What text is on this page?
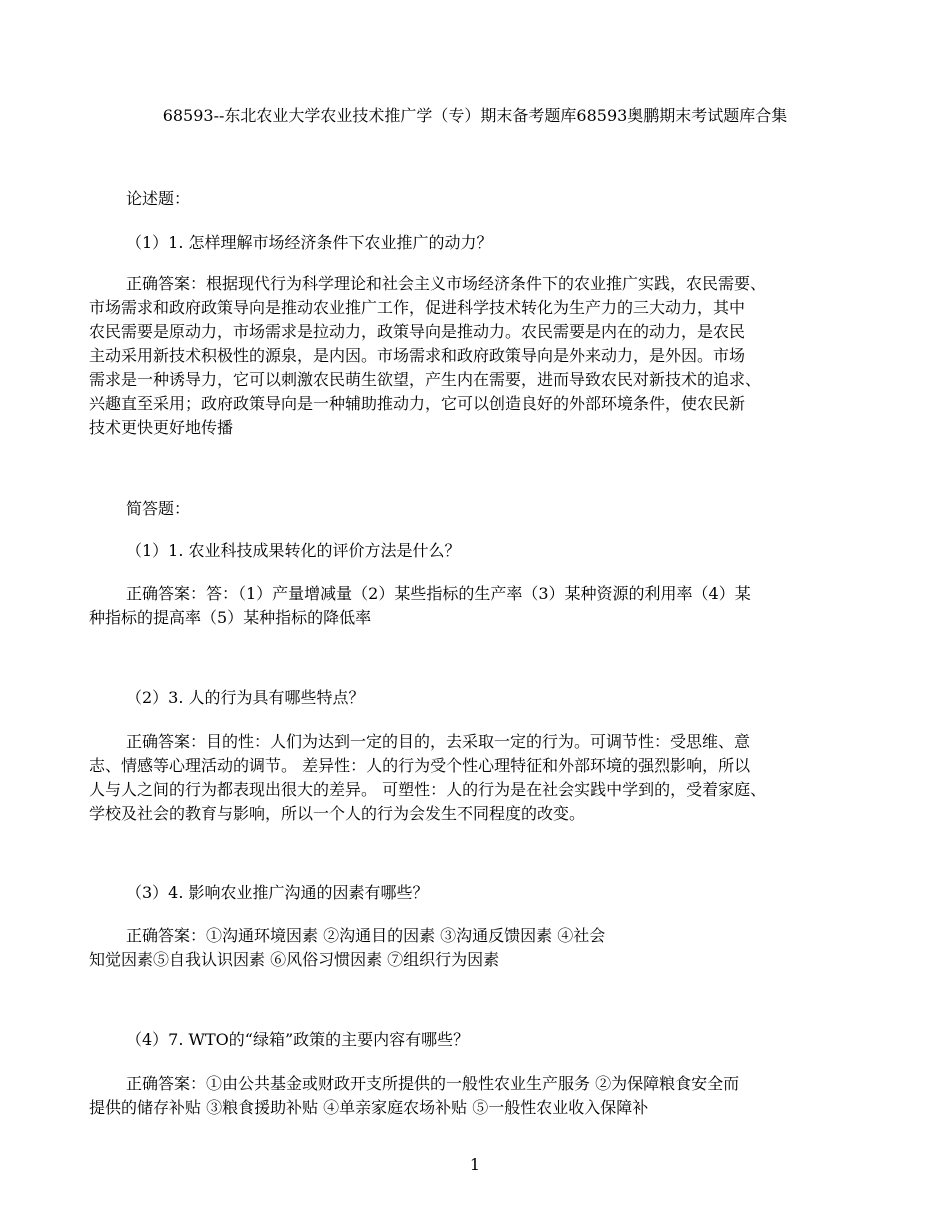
68593--东北农业大学农业技术推广学（专）期末备考题库68593奥鹏期末考试题库合集
论述题：
（1）1. 怎样理解市场经济条件下农业推广的动力？
正确答案：根据现代行为科学理论和社会主义市场经济条件下的农业推广实践，农民需要、
市场需求和政府政策导向是推动农业推广工作，促进科学技术转化为生产力的三大动力，其中
农民需要是原动力，市场需求是拉动力，政策导向是推动力。农民需要是内在的动力，是农民
主动采用新技术积极性的源泉，是内因。市场需求和政府政策导向是外来动力，是外因。市场
需求是一种诱导力，它可以刺激农民萌生欲望，产生内在需要，进而导致农民对新技术的追求、
兴趣直至采用；政府政策导向是一种辅助推动力，它可以创造良好的外部环境条件，使农民新
技术更快更好地传播
简答题：
（1）1. 农业科技成果转化的评价方法是什么？
正确答案：答：（1）产量增减量（2）某些指标的生产率（3）某种资源的利用率（4）某
种指标的提高率（5）某种指标的降低率
（2）3. 人的行为具有哪些特点？
正确答案：目的性：人们为达到一定的目的，去采取一定的行为。可调节性：受思维、意
志、情感等心理活动的调节。 差异性：人的行为受个性心理特征和外部环境的强烈影响，所以
人与人之间的行为都表现出很大的差异。 可塑性：人的行为是在社会实践中学到的，受着家庭、
学校及社会的教育与影响，所以一个人的行为会发生不同程度的改变。
（3）4. 影响农业推广沟通的因素有哪些？
正确答案：①沟通环境因素 ②沟通目的因素 ③沟通反馈因素 ④社会
知觉因素⑤自我认识因素 ⑥风俗习惯因素 ⑦组织行为因素
（4）7. WTO的“绿箱”政策的主要内容有哪些？
正确答案：①由公共基金或财政开支所提供的一般性农业生产服务 ②为保障粮食安全而
提供的储存补贴 ③粮食援助补贴 ④单亲家庭农场补贴 ⑤一般性农业收入保障补
1
